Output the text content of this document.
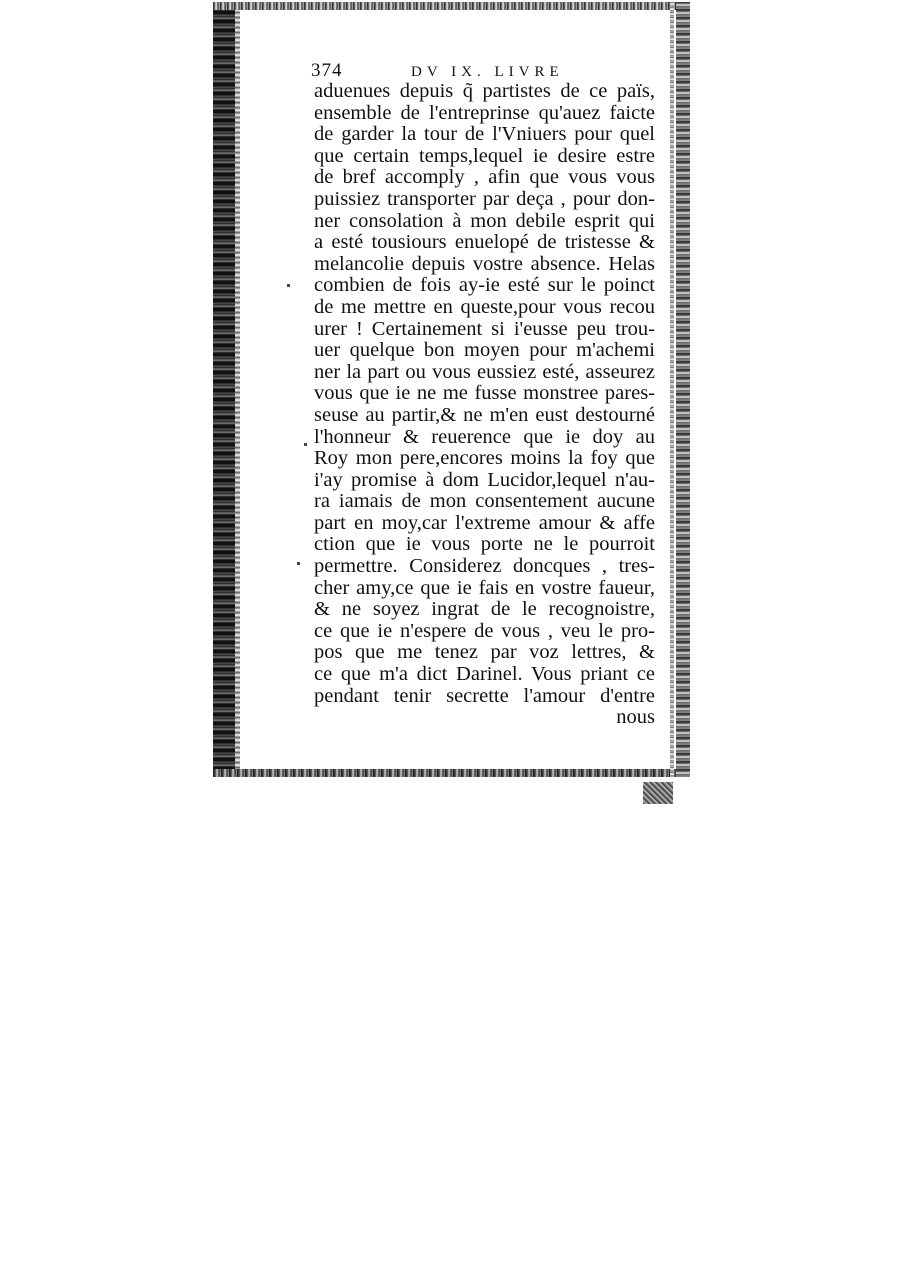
374	DV IX. LIVRE
aduenues depuis q̃ partistes de ce païs,
ensemble de l'entreprinse qu'auez faicte
de garder la tour de l'Vniuers pour quel
que certain temps,lequel ie desire estre
de bref accomply , afin que vous vous
puissiez transporter par deça , pour don-
ner consolation à mon debile esprit qui
a esté tousiours enuelopé de tristesse &
melancolie depuis vostre absence. Helas
combien de fois ay-ie esté sur le poinct
de me mettre en queste,pour vous recou
urer ! Certainement si i'eusse peu trou-
uer quelque bon moyen pour m'achemi
ner la part ou vous eussiez esté, asseurez
vous que ie ne me fusse monstree pares-
seuse au partir,& ne m'en eust destourné
l'honneur & reuerence que ie doy au
Roy mon pere,encores moins la foy que
i'ay promise à dom Lucidor,lequel n'au-
ra iamais de mon consentement aucune
part en moy,car l'extreme amour & affe
ction que ie vous porte ne le pourroit
permettre. Considerez doncques , tres-
cher amy,ce que ie fais en vostre faueur,
& ne soyez ingrat de le recognoistre,
ce que ie n'espere de vous , veu le pro-
pos que me tenez par voz lettres, &
ce que m'a dict Darinel. Vous priant ce
pendant tenir secrette l'amour d'entre
nous
